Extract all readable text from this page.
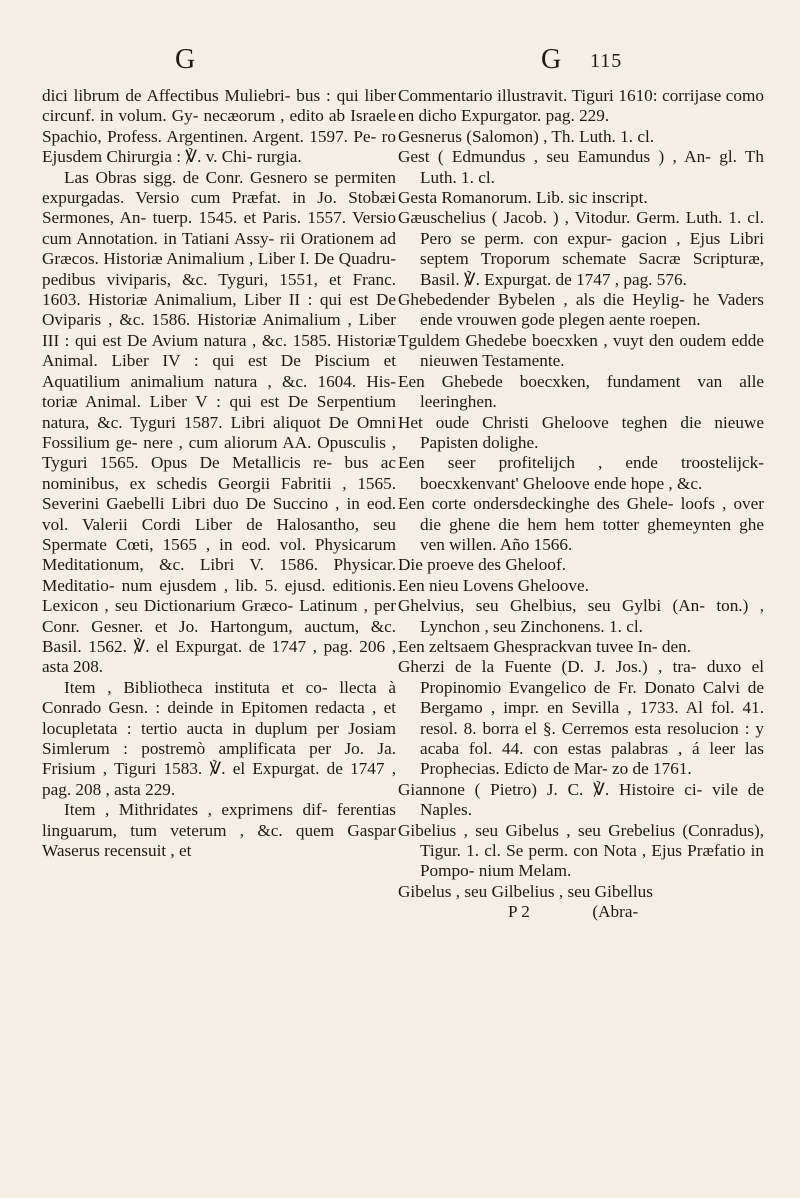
G	G 115

dici librum de Affectibus Muliebri- bus : qui liber circunf. in volum. Gy- necæorum , edito ab Israele Spachio, Profess. Argentinen. Argent. 1597. Pe- ro Ejusdem Chirurgia : ℣. v. Chi- rurgia.

Las Obras sigg. de Conr. Gesnero se permiten expurgadas. Versio cum Præfat. in Jo. Stobæi Sermones, An- tuerp. 1545. et Paris. 1557. Versio cum Annotation. in Tatiani Assy- rii Orationem ad Græcos. Historiæ Animalium , Liber I. De Quadru- pedibus viviparis, &c. Tyguri, 1551, et Franc. 1603. Historiæ Animalium, Liber II : qui est De Oviparis , &c. 1586. Historiæ Animalium , Liber III : qui est De Avium natura , &c. 1585. Historiæ Animal. Liber IV : qui est De Piscium et Aquatilium animalium natura , &c. 1604. His- toriæ Animal. Liber V : qui est De Serpentium natura, &c. Tyguri 1587. Libri aliquot De Omni Fossilium ge- nere , cum aliorum AA. Opusculis , Tyguri 1565. Opus De Metallicis re- bus ac nominibus, ex schedis Georgii Fabritii , 1565. Severini Gaebelli Libri duo De Succino , in eod. vol. Valerii Cordi Liber de Halosantho, seu Spermate Cœti, 1565 , in eod. vol. Physicarum Meditationum, &c. Libri V. 1586. Physicar. Meditatio- num ejusdem , lib. 5. ejusd. editionis. Lexicon , seu Dictionarium Græco- Latinum , per Conr. Gesner. et Jo. Hartongum, auctum, &c. Basil. 1562. ℣. el Expurgat. de 1747 , pag. 206 , asta 208.

Item , Bibliotheca instituta et co- llecta à Conrado Gesn. : deinde in Epitomen redacta , et locupletata : tertio aucta in duplum per Josiam Simlerum : postremò amplificata per Jo. Ja. Frisium , Tiguri 1583. ℣. el Expurgat. de 1747 , pag. 208 , asta 229.

Item , Mithridates , exprimens dif- ferentias linguarum, tum veterum , &c. quem Gaspar Waserus recensuit , et

Commentario illustravit. Tiguri 1610: corrijase como en dicho Expurgator. pag. 229.

Gesnerus (Salomon) , Th. Luth. 1. cl.

Gest ( Edmundus , seu Eamundus ) , An- gl. Th Luth. 1. cl.

Gesta Romanorum. Lib. sic inscript.

Gæuschelius ( Jacob. ) , Vitodur. Germ. Luth. 1. cl. Pero se perm. con expur- gacion , Ejus Libri septem Troporum schemate Sacræ Scripturæ, Basil. ℣. Expurgat. de 1747 , pag. 576.

Ghebedender Bybelen , als die Heylig- he Vaders ende vrouwen gode plegen aente roepen.

Tguldem Ghedebe boecxken , vuyt den oudem edde nieuwen Testamente.

Een Ghebede boecxken, fundament van alle leeringhen.

Het oude Christi Gheloove teghen die nieuwe Papisten dolighe.

Een seer profitelijch , ende troostelijck- boecxkenvant' Gheloove ende hope , &c.

Een corte ondersdeckinghe des Ghele- loofs , over die ghene die hem hem totter ghemeynten ghe ven willen. Año 1566.

Die proeve des Gheloof.

Een nieu Lovens Gheloove.

Ghelvius, seu Ghelbius, seu Gylbi (An- ton.) , Lynchon , seu Zinchonens. 1. cl.

Een zeltsaem Ghesprackvan tuvee In- den.

Gherzi de la Fuente (D. J. Jos.) , tra- duxo el Propinomio Evangelico de Fr. Donato Calvi de Bergamo , impr. en Sevilla , 1733. Al fol. 41. resol. 8. borra el §. Cerremos esta resolucion : y acaba fol. 44. con estas palabras , á leer las Prophecias. Edicto de Mar- zo de 1761.

Giannone ( Pietro) J. C. ℣. Histoire ci- vile de Naples.

Gibelius , seu Gibelus , seu Grebelius (Conradus), Tigur. 1. cl. Se perm. con Nota , Ejus Præfatio in Pompo- nium Melam.

Gibelus , seu Gilbelius , seu Gibellus

P 2	(Abra-
